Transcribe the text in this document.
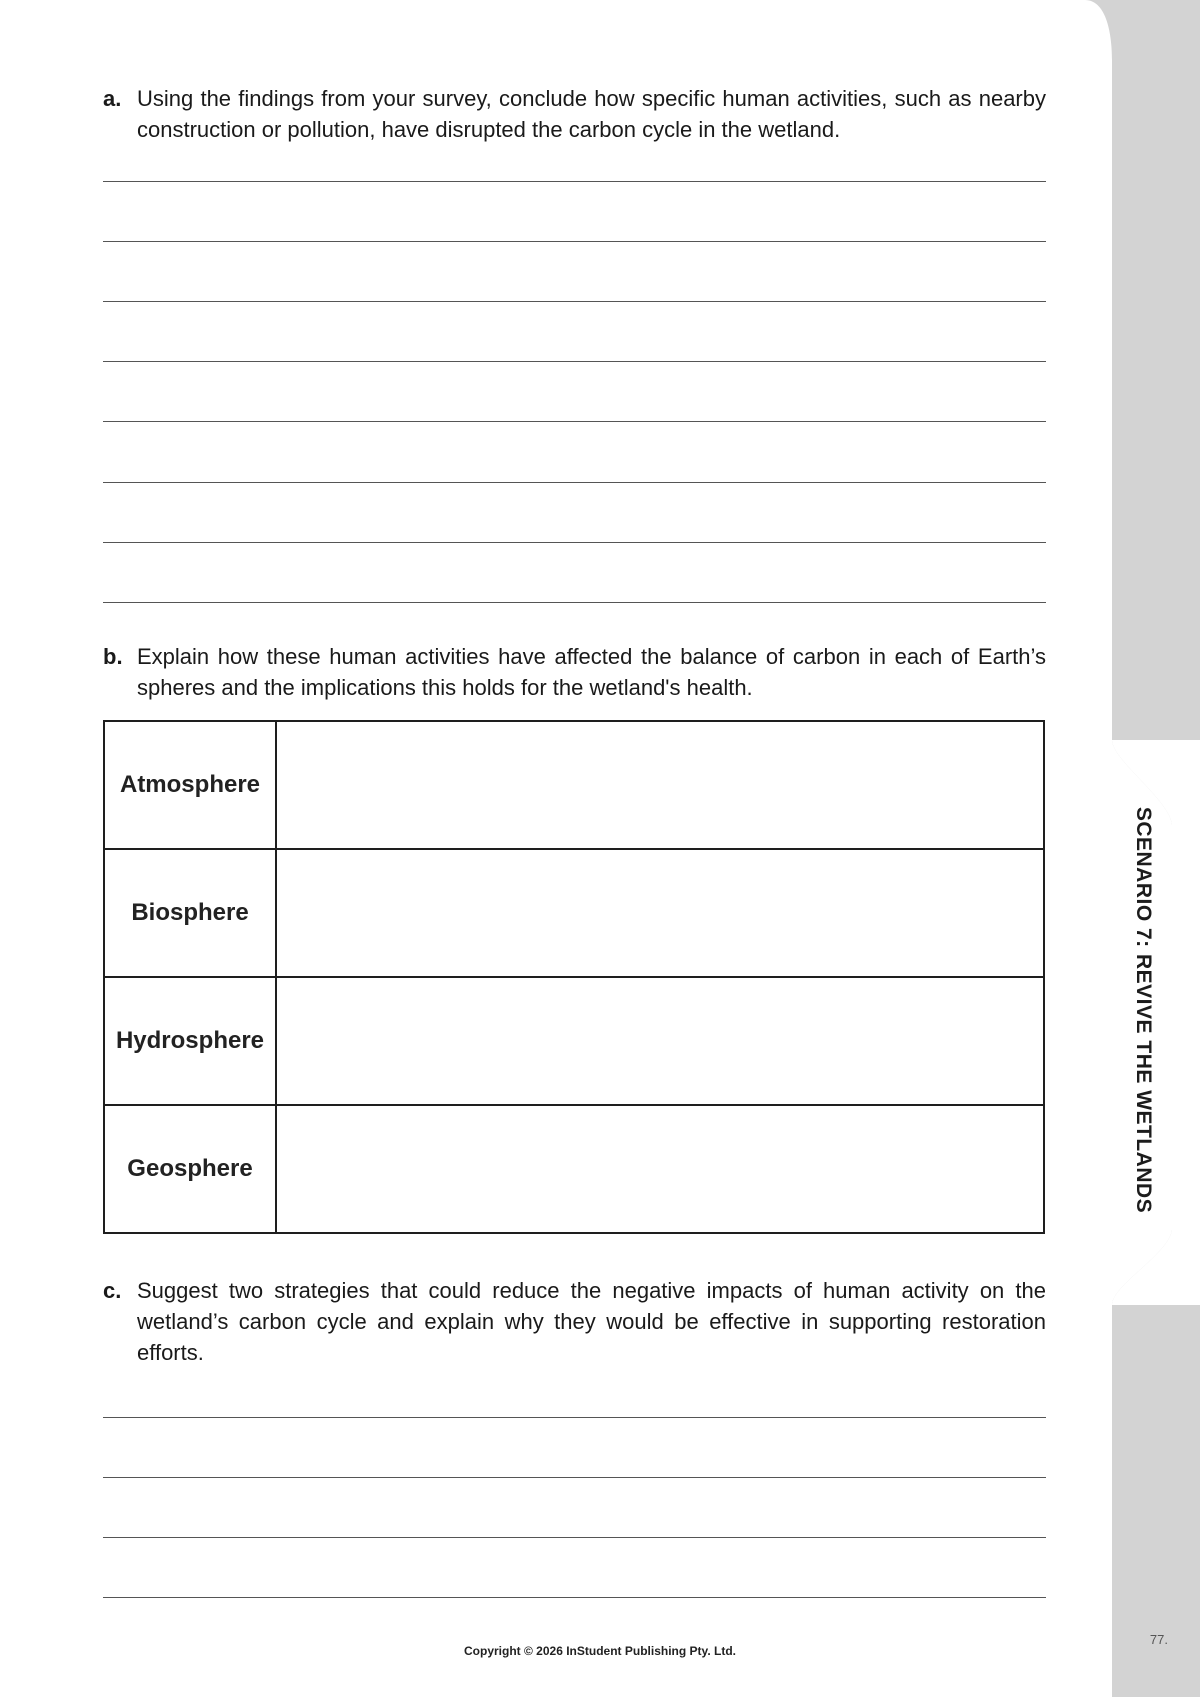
a. Using the findings from your survey, conclude how specific human activities, such as nearby construction or pollution, have disrupted the carbon cycle in the wetland.
b. Explain how these human activities have affected the balance of carbon in each of Earth’s spheres and the implications this holds for the wetland's health.
Atmosphere	
Biosphere	
Hydrosphere	
Geosphere	
c. Suggest two strategies that could reduce the negative impacts of human activity on the wetland’s carbon cycle and explain why they would be effective in supporting restoration efforts.
SCENARIO 7: REVIVE THE WETLANDS
Copyright © 2026 InStudent Publishing Pty. Ltd.
77.
